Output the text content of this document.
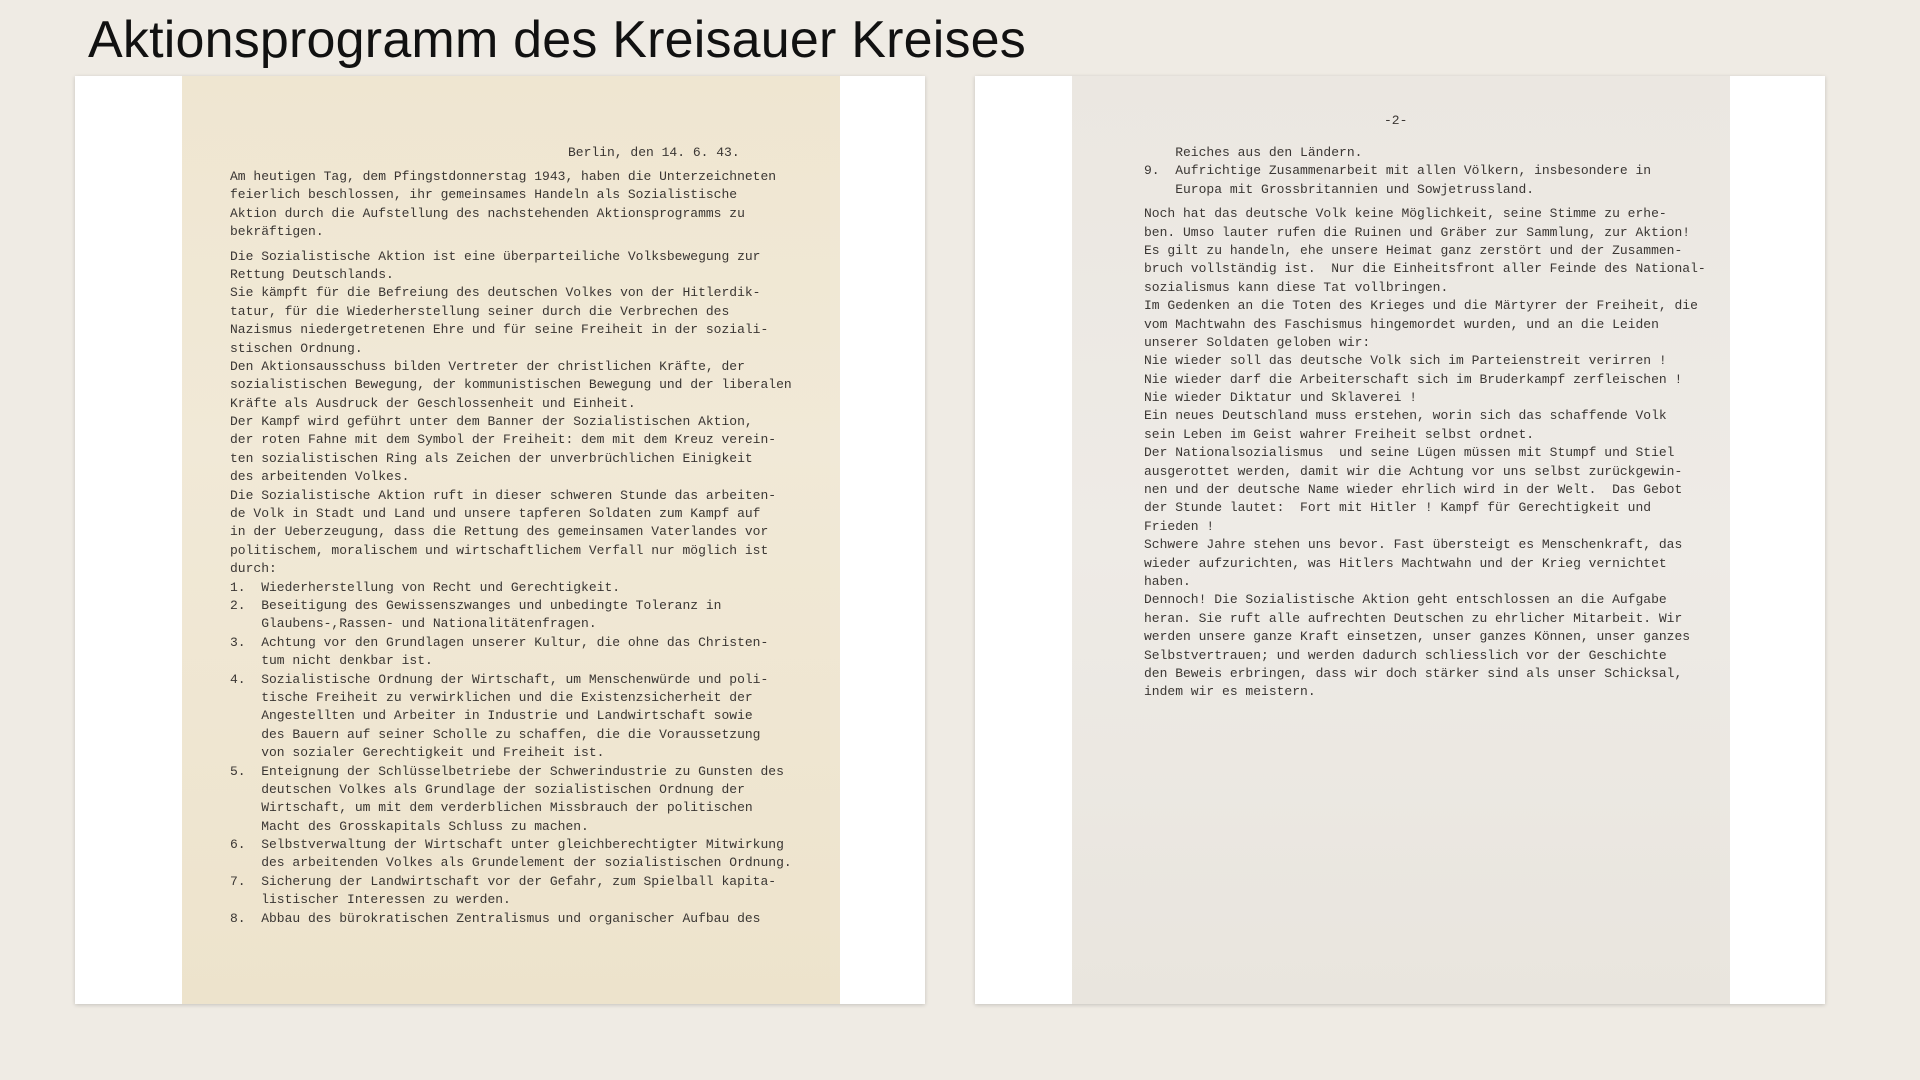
Aktionsprogramm des Kreisauer Kreises
Berlin, den 14. 6. 43.
Am heutigen Tag, dem Pfingstdonnerstag 1943, haben die Unterzeichneten
feierlich beschlossen, ihr gemeinsames Handeln als Sozialistische
Aktion durch die Aufstellung des nachstehenden Aktionsprogramms zu
bekräftigen.
Die Sozialistische Aktion ist eine überparteiliche Volksbewegung zur
Rettung Deutschlands.
Sie kämpft für die Befreiung des deutschen Volkes von der Hitlerdik-
tatur, für die Wiederherstellung seiner durch die Verbrechen des
Nazismus niedergetretenen Ehre und für seine Freiheit in der soziali-
stischen Ordnung.
Den Aktionsausschuss bilden Vertreter der christlichen Kräfte, der
sozialistischen Bewegung, der kommunistischen Bewegung und der liberalen
Kräfte als Ausdruck der Geschlossenheit und Einheit.
Der Kampf wird geführt unter dem Banner der Sozialistischen Aktion,
der roten Fahne mit dem Symbol der Freiheit: dem mit dem Kreuz verein-
ten sozialistischen Ring als Zeichen der unverbrüchlichen Einigkeit
des arbeitenden Volkes.
Die Sozialistische Aktion ruft in dieser schweren Stunde das arbeiten-
de Volk in Stadt und Land und unsere tapferen Soldaten zum Kampf auf
in der Ueberzeugung, dass die Rettung des gemeinsamen Vaterlandes vor
politischem, moralischem und wirtschaftlichem Verfall nur möglich ist
durch:
1.  Wiederherstellung von Recht und Gerechtigkeit.
2.  Beseitigung des Gewissenszwanges und unbedingte Toleranz in
Glaubens-,Rassen- und Nationalitätenfragen.
3.  Achtung vor den Grundlagen unserer Kultur, die ohne das Christen-
tum nicht denkbar ist.
4.  Sozialistische Ordnung der Wirtschaft, um Menschenwürde und poli-
tische Freiheit zu verwirklichen und die Existenzsicherheit der
Angestellten und Arbeiter in Industrie und Landwirtschaft sowie
des Bauern auf seiner Scholle zu schaffen, die die Voraussetzung
von sozialer Gerechtigkeit und Freiheit ist.
5.  Enteignung der Schlüsselbetriebe der Schwerindustrie zu Gunsten des
deutschen Volkes als Grundlage der sozialistischen Ordnung der
Wirtschaft, um mit dem verderblichen Missbrauch der politischen
Macht des Grosskapitals Schluss zu machen.
6.  Selbstverwaltung der Wirtschaft unter gleichberechtigter Mitwirkung
des arbeitenden Volkes als Grundelement der sozialistischen Ordnung.
7.  Sicherung der Landwirtschaft vor der Gefahr, zum Spielball kapita-
listischer Interessen zu werden.
8.  Abbau des bürokratischen Zentralismus und organischer Aufbau des
-2-
Reiches aus den Ländern.
9.  Aufrichtige Zusammenarbeit mit allen Völkern, insbesondere in
Europa mit Grossbritannien und Sowjetrussland.
Noch hat das deutsche Volk keine Möglichkeit, seine Stimme zu erhe-
ben. Umso lauter rufen die Ruinen und Gräber zur Sammlung, zur Aktion!
Es gilt zu handeln, ehe unsere Heimat ganz zerstört und der Zusammen-
bruch vollständig ist.  Nur die Einheitsfront aller Feinde des National-
sozialismus kann diese Tat vollbringen.
Im Gedenken an die Toten des Krieges und die Märtyrer der Freiheit, die
vom Machtwahn des Faschismus hingemordet wurden, und an die Leiden
unserer Soldaten geloben wir:
Nie wieder soll das deutsche Volk sich im Parteienstreit verirren !
Nie wieder darf die Arbeiterschaft sich im Bruderkampf zerfleischen !
Nie wieder Diktatur und Sklaverei !
Ein neues Deutschland muss erstehen, worin sich das schaffende Volk
sein Leben im Geist wahrer Freiheit selbst ordnet.
Der Nationalsozialismus  und seine Lügen müssen mit Stumpf und Stiel
ausgerottet werden, damit wir die Achtung vor uns selbst zurückgewin-
nen und der deutsche Name wieder ehrlich wird in der Welt.  Das Gebot
der Stunde lautet:  Fort mit Hitler ! Kampf für Gerechtigkeit und
Frieden !
Schwere Jahre stehen uns bevor. Fast übersteigt es Menschenkraft, das
wieder aufzurichten, was Hitlers Machtwahn und der Krieg vernichtet
haben.
Dennoch! Die Sozialistische Aktion geht entschlossen an die Aufgabe
heran. Sie ruft alle aufrechten Deutschen zu ehrlicher Mitarbeit. Wir
werden unsere ganze Kraft einsetzen, unser ganzes Können, unser ganzes
Selbstvertrauen; und werden dadurch schliesslich vor der Geschichte
den Beweis erbringen, dass wir doch stärker sind als unser Schicksal,
indem wir es meistern.
